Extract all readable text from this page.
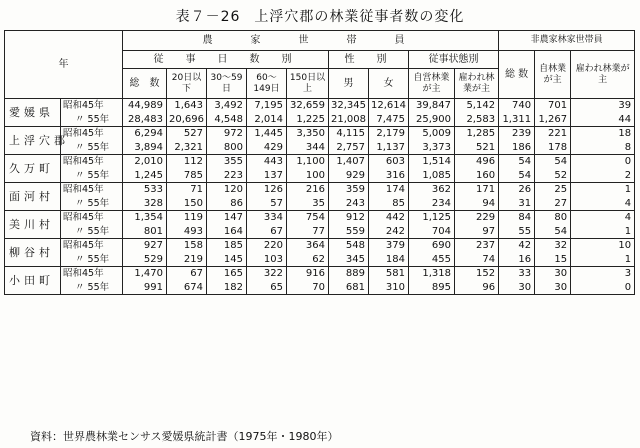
表７－26 上浮穴郡の林業従事者数の変化
年		農　家　世　帯　員									非農家林家世帯員		
		従　事　日　数　別					性　別		従事状態別		総 数	自林業が主	雇われ林業が主
		総　数	20日以下	30～59日	60～149日	150日以上	男	女	自営林業が主	雇われ林業が主			
愛媛県	昭和45年	44,989	1,643	3,492	7,195	32,659	32,345	12,614	39,847	5,142	740	701	39
	〃 55年	28,483	20,696	4,548	2,014	1,225	21,008	7,475	25,900	2,583	1,311	1,267	44
上浮穴郡	昭和45年	6,294	527	972	1,445	3,350	4,115	2,179	5,009	1,285	239	221	18
	〃 55年	3,894	2,321	800	429	344	2,757	1,137	3,373	521	186	178	8
久万町	昭和45年	2,010	112	355	443	1,100	1,407	603	1,514	496	54	54	0
	〃 55年	1,245	785	223	137	100	929	316	1,085	160	54	52	2
面河村	昭和45年	533	71	120	126	216	359	174	362	171	26	25	1
	〃 55年	328	150	86	57	35	243	85	234	94	31	27	4
美川村	昭和45年	1,354	119	147	334	754	912	442	1,125	229	84	80	4
	〃 55年	801	493	164	67	77	559	242	704	97	55	54	1
柳谷村	昭和45年	927	158	185	220	364	548	379	690	237	42	32	10
	〃 55年	529	219	145	103	62	345	184	455	74	16	15	1
小田町	昭和45年	1,470	67	165	322	916	889	581	1,318	152	33	30	3
	〃 55年	991	674	182	65	70	681	310	895	96	30	30	0
資料：世界農林業センサス愛媛県統計書（1975年・1980年）
